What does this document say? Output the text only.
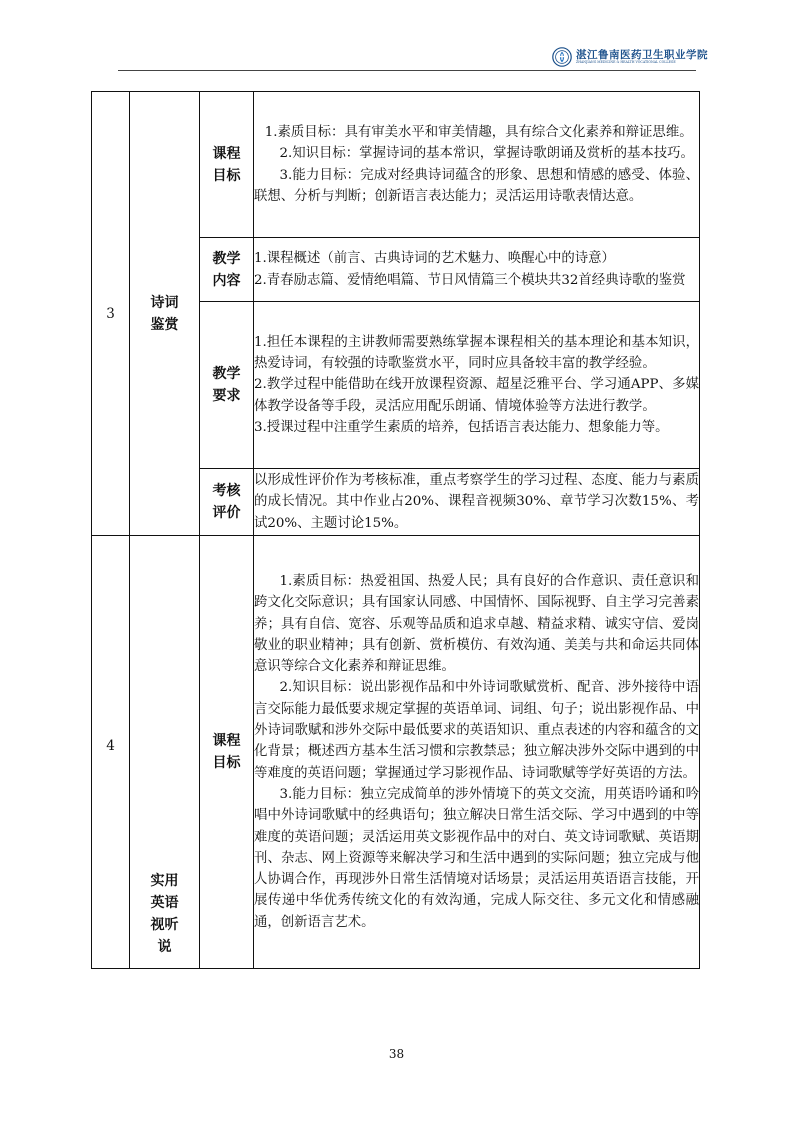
湛江鲁南医药卫生职业学院
ZHANJIANG MEDICINE & HEALTH VOCATIONAL COLLEGE
3	诗词鉴赏	课程目标	1.素质目标：具有审美水平和审美情趣，具有综合文化素养和辩证思维。

2.知识目标：掌握诗词的基本常识，掌握诗歌朗诵及赏析的基本技巧。

3.能力目标：完成对经典诗词蕴含的形象、思想和情感的感受、体验、联想、分析与判断；创新语言表达能力；灵活运用诗歌表情达意。

		教学内容	1.课程概述（前言、古典诗词的艺术魅力、唤醒心中的诗意）

2.青春励志篇、爱情绝唱篇、节日风情篇三个模块共32首经典诗歌的鉴赏

		教学要求	1.担任本课程的主讲教师需要熟练掌握本课程相关的基本理论和基本知识，热爱诗词，有较强的诗歌鉴赏水平，同时应具备较丰富的教学经验。

2.教学过程中能借助在线开放课程资源、超星泛雅平台、学习通APP、多媒体教学设备等手段，灵活应用配乐朗诵、情境体验等方法进行教学。

3.授课过程中注重学生素质的培养，包括语言表达能力、想象能力等。

		考核评价	以形成性评价作为考核标准，重点考察学生的学习过程、态度、能力与素质的成长情况。其中作业占20%、课程音视频30%、章节学习次数15%、考试20%、主题讨论15%。

4	实用英语视听说	课程目标	1.素质目标：热爱祖国、热爱人民；具有良好的合作意识、责任意识和跨文化交际意识；具有国家认同感、中国情怀、国际视野、自主学习完善素养；具有自信、宽容、乐观等品质和追求卓越、精益求精、诚实守信、爱岗敬业的职业精神；具有创新、赏析模仿、有效沟通、美美与共和命运共同体意识等综合文化素养和辩证思维。

2.知识目标：说出影视作品和中外诗词歌赋赏析、配音、涉外接待中语言交际能力最低要求规定掌握的英语单词、词组、句子；说出影视作品、中外诗词歌赋和涉外交际中最低要求的英语知识、重点表述的内容和蕴含的文化背景；概述西方基本生活习惯和宗教禁忌；独立解决涉外交际中遇到的中等难度的英语问题；掌握通过学习影视作品、诗词歌赋等学好英语的方法。

3.能力目标：独立完成简单的涉外情境下的英文交流，用英语吟诵和吟唱中外诗词歌赋中的经典语句；独立解决日常生活交际、学习中遇到的中等难度的英语问题；灵活运用英文影视作品中的对白、英文诗词歌赋、英语期刊、杂志、网上资源等来解决学习和生活中遇到的实际问题；独立完成与他人协调合作，再现涉外日常生活情境对话场景；灵活运用英语语言技能，开展传递中华优秀传统文化的有效沟通，完成人际交往、多元文化和情感融通，创新语言艺术。

38
